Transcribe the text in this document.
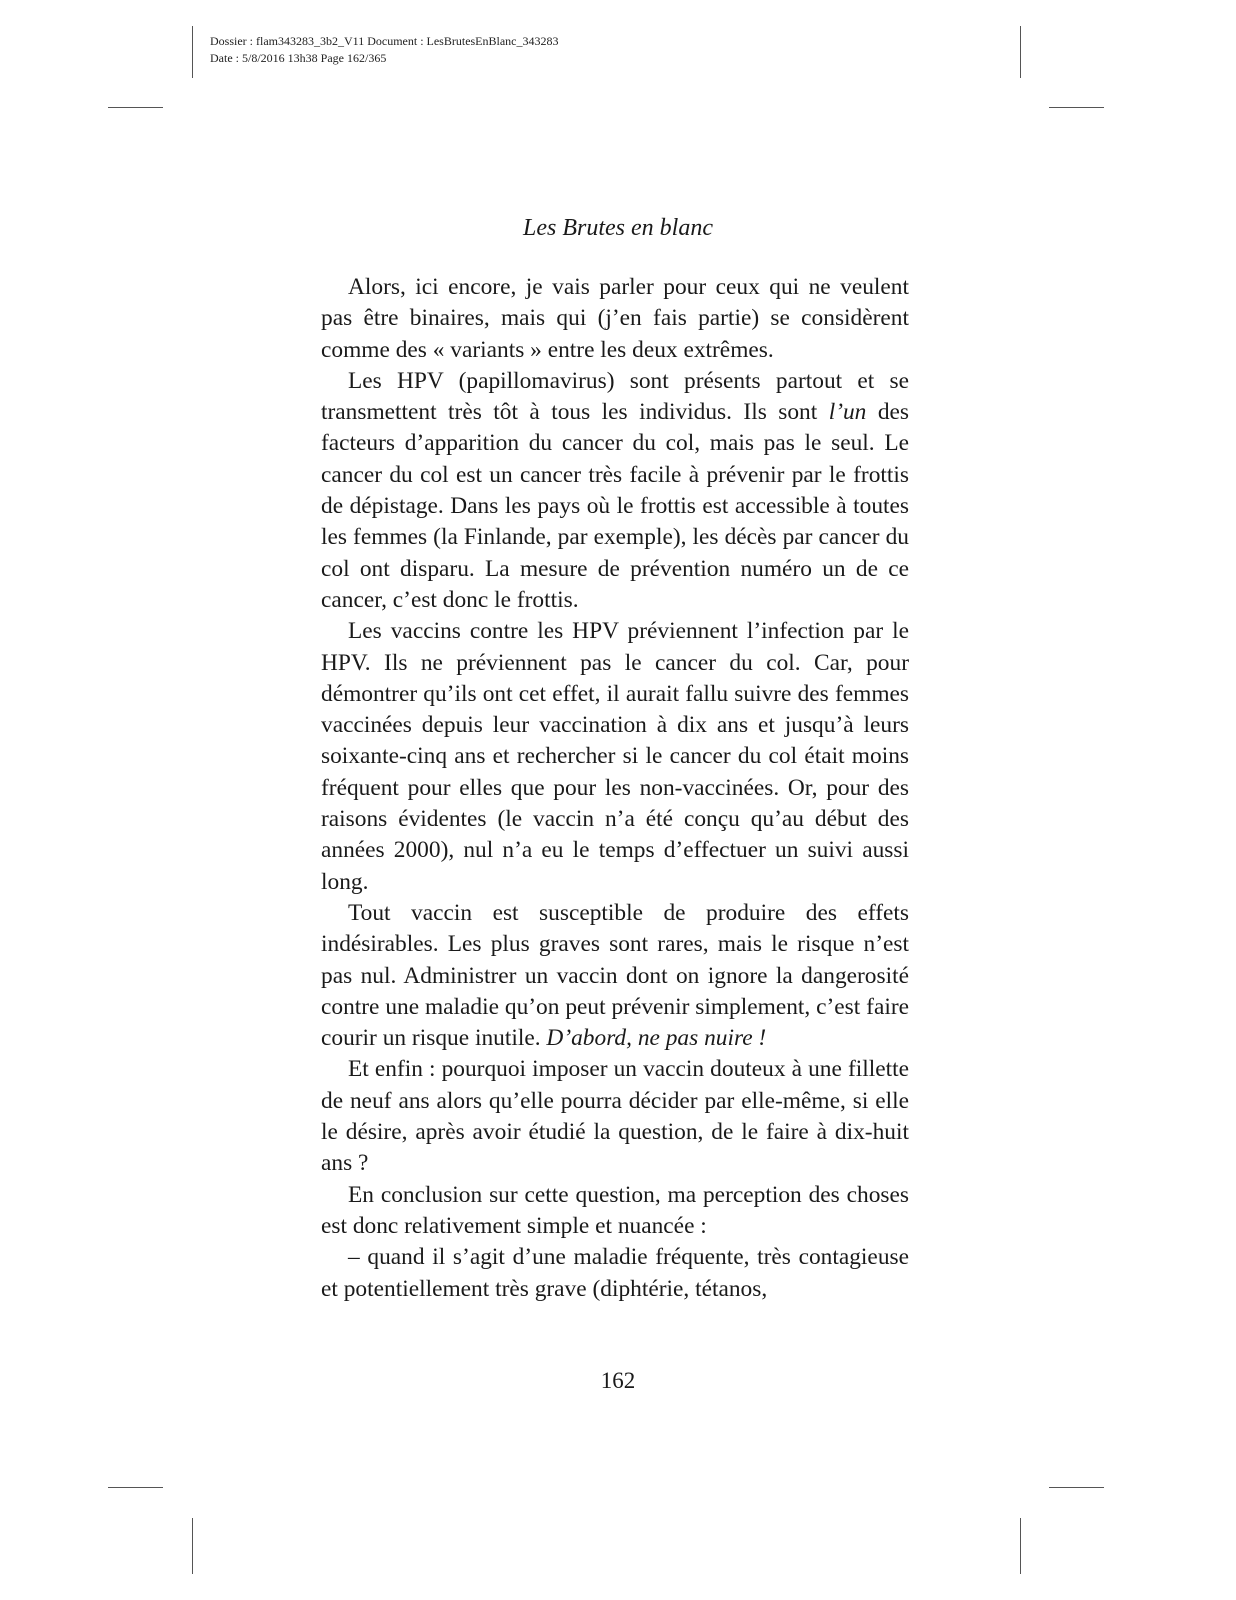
Dossier : flam343283_3b2_V11 Document : LesBrutesEnBlanc_343283
Date : 5/8/2016 13h38 Page 162/365
Les Brutes en blanc

Alors, ici encore, je vais parler pour ceux qui ne veulent pas être binaires, mais qui (j’en fais partie) se considèrent comme des « variants » entre les deux extrêmes.

Les HPV (papillomavirus) sont présents partout et se transmettent très tôt à tous les individus. Ils sont l’un des facteurs d’apparition du cancer du col, mais pas le seul. Le cancer du col est un cancer très facile à prévenir par le frottis de dépistage. Dans les pays où le frottis est accessible à toutes les femmes (la Finlande, par exemple), les décès par cancer du col ont disparu. La mesure de prévention numéro un de ce cancer, c’est donc le frottis.

Les vaccins contre les HPV préviennent l’infection par le HPV. Ils ne préviennent pas le cancer du col. Car, pour démontrer qu’ils ont cet effet, il aurait fallu suivre des femmes vaccinées depuis leur vaccination à dix ans et jusqu’à leurs soixante-cinq ans et rechercher si le cancer du col était moins fréquent pour elles que pour les non-vaccinées. Or, pour des raisons évidentes (le vaccin n’a été conçu qu’au début des années 2000), nul n’a eu le temps d’effectuer un suivi aussi long.

Tout vaccin est susceptible de produire des effets indésirables. Les plus graves sont rares, mais le risque n’est pas nul. Administrer un vaccin dont on ignore la dangerosité contre une maladie qu’on peut prévenir simplement, c’est faire courir un risque inutile. D’abord, ne pas nuire !

Et enfin : pourquoi imposer un vaccin douteux à une fillette de neuf ans alors qu’elle pourra décider par elle-même, si elle le désire, après avoir étudié la question, de le faire à dix-huit ans ?

En conclusion sur cette question, ma perception des choses est donc relativement simple et nuancée :

– quand il s’agit d’une maladie fréquente, très contagieuse et potentiellement très grave (diphtérie, tétanos,

162
